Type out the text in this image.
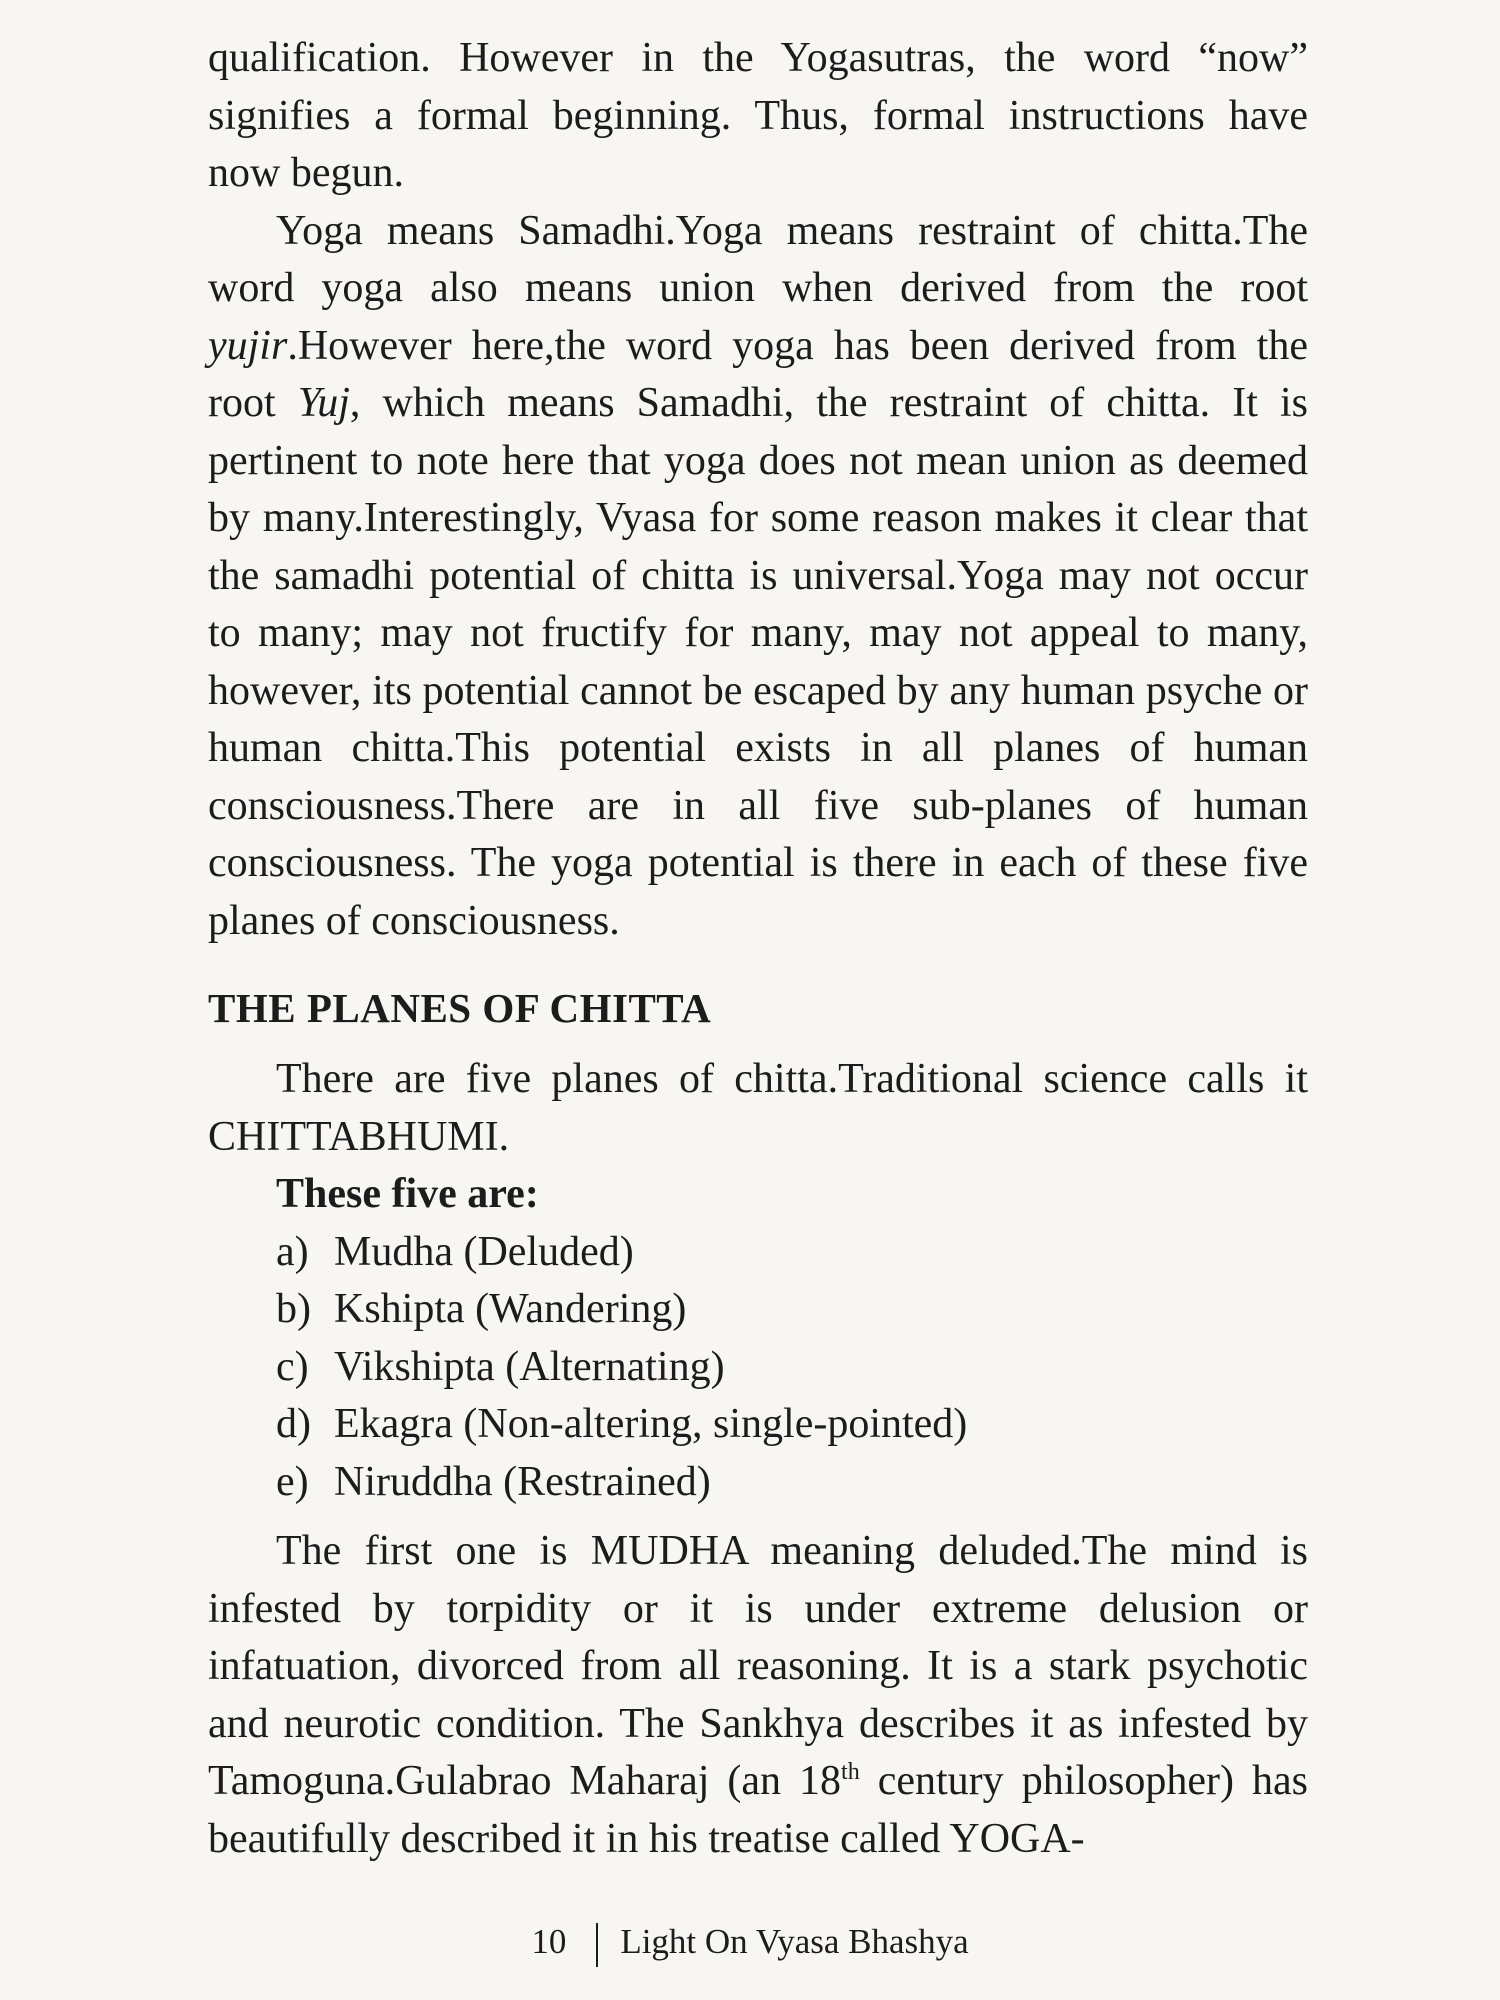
qualification. However in the Yogasutras, the word “now”
signifies a formal beginning. Thus, formal instructions have
now begun.

Yoga means Samadhi.Yoga means restraint of chitta.The word yoga also means union when derived from the root yujir.However here,the word yoga has been derived from the root Yuj, which means Samadhi, the restraint of chitta. It is pertinent to note here that yoga does not mean union as deemed by many.Interestingly, Vyasa for some reason makes it clear that the samadhi potential of chitta is universal.Yoga may not occur to many; may not fructify for many, may not appeal to many, however, its potential cannot be escaped by any human psyche or human chitta.This potential exists in all planes of human consciousness.There are in all five sub-planes of human consciousness. The yoga potential is there in each of these five planes of consciousness.

THE PLANES OF CHITTA

There are five planes of chitta.Traditional science calls it CHITTABHUMI.

These five are:
a) Mudha (Deluded)
b) Kshipta (Wandering)
c) Vikshipta (Alternating)
d) Ekagra (Non-altering, single-pointed)
e) Niruddha (Restrained)

The first one is MUDHA meaning deluded.The mind is infested by torpidity or it is under extreme delusion or infatuation, divorced from all reasoning. It is a stark psychotic and neurotic condition. The Sankhya describes it as infested by Tamoguna.Gulabrao Maharaj (an 18th century philosopher) has beautifully described it in his treatise called YOGA-

10 Light On Vyasa Bhashya
